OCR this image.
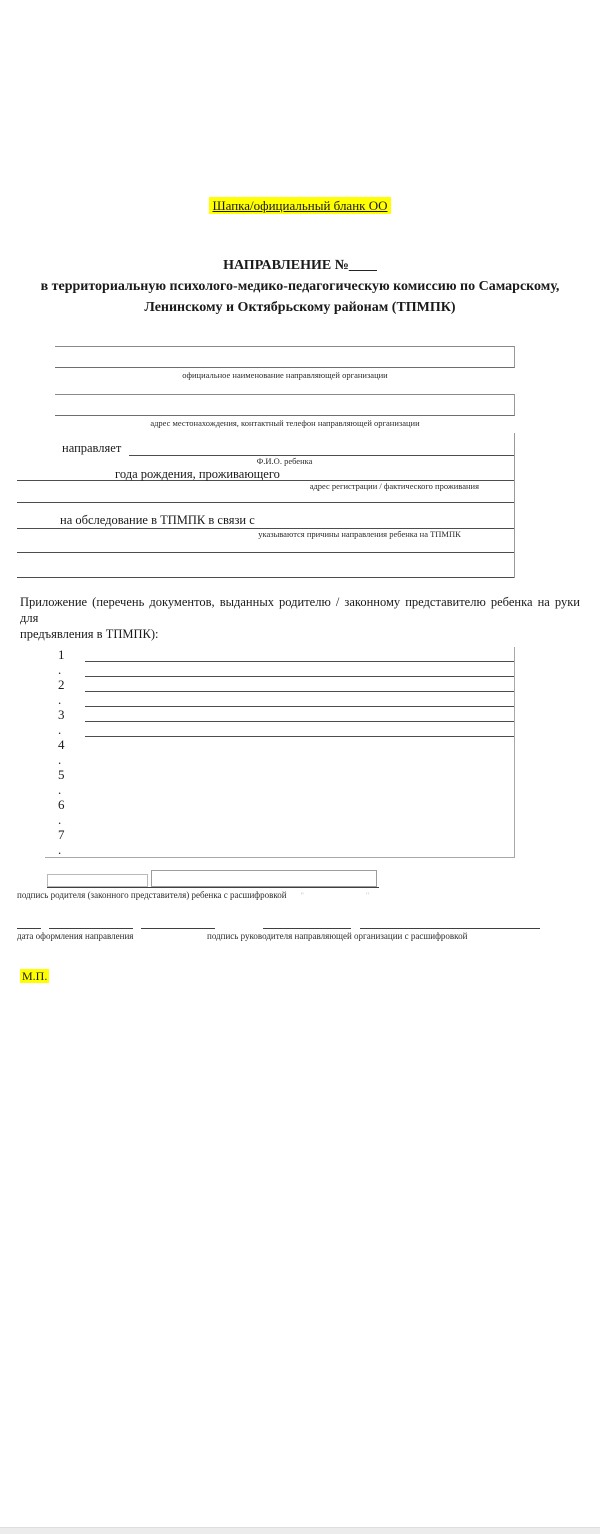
Шапка/официальный бланк ОО
НАПРАВЛЕНИЕ №____
в территориальную психолого-медико-педагогическую комиссию по Самарскому,
Ленинскому и Октябрьскому районам (ТПМПК)
официальное наименование направляющей организации
адрес местонахождения, контактный телефон направляющей организации
направляет
Ф.И.О. ребенка
года рождения, проживающего
адрес регистрации / фактического проживания
на обследование в ТПМПК в связи с
указываются причины направления ребенка на ТПМПК
Приложение (перечень документов, выданных родителю / законному представителю ребенка на руки для
предъявления в ТПМПК):
1
.
2
.
3
.
4
.
5
.
6
.
7
.
подпись родителя (законного представителя) ребенка с расшифровкой " "
дата оформления направления	подпись руководителя направляющей организации с расшифровкой
М.П.
